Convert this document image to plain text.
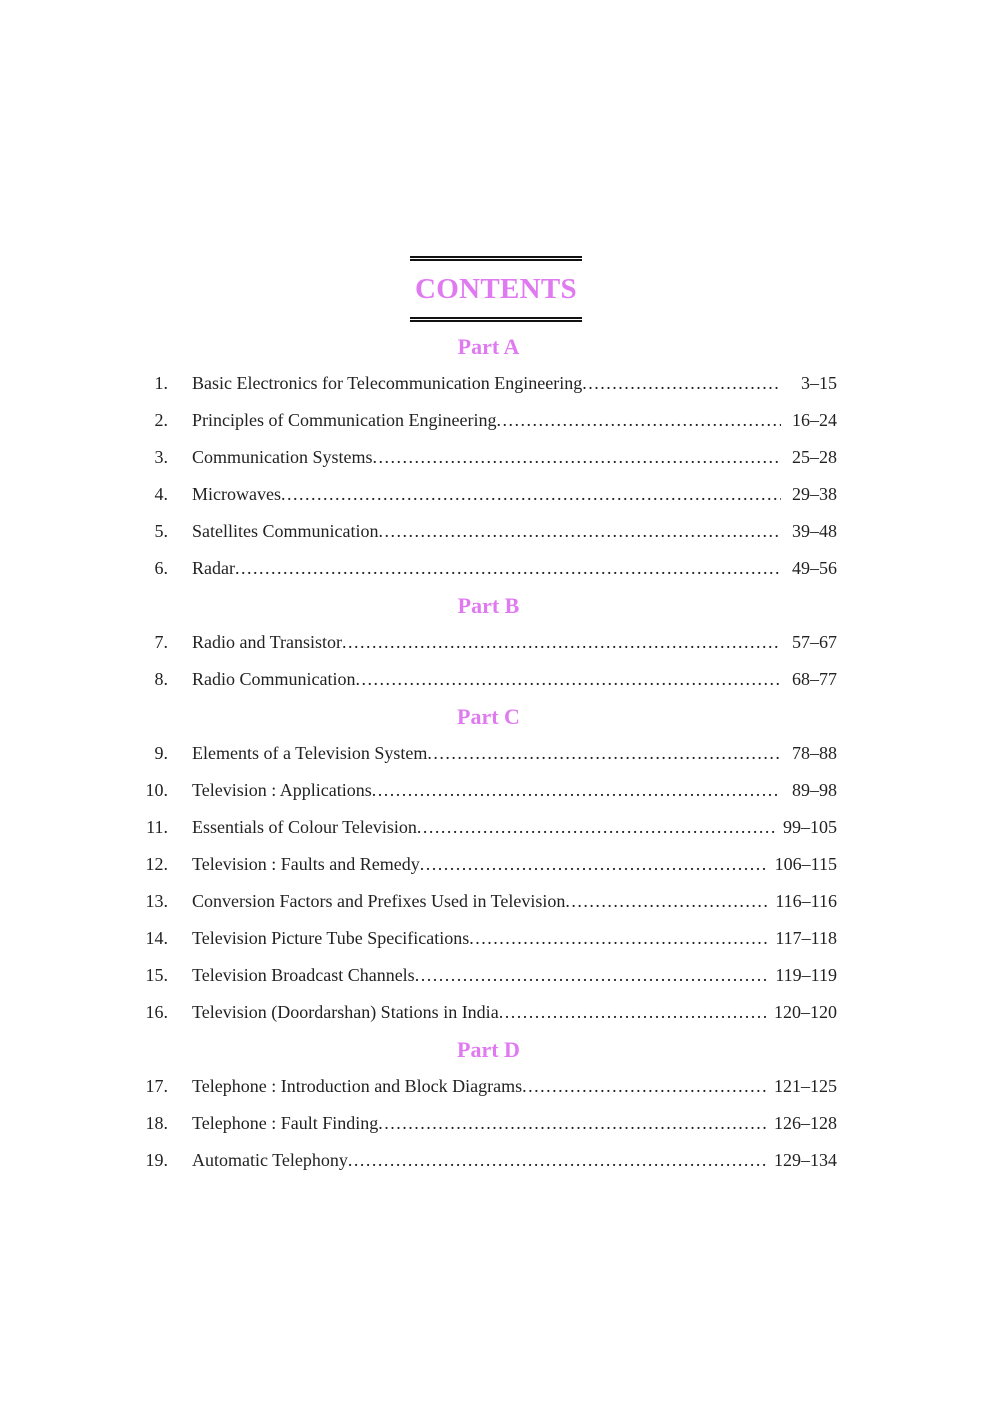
CONTENTS
Part A
1. Basic Electronics for Telecommunication Engineering .....	3–15
2. Principles of Communication Engineering .....	16–24
3. Communication Systems .....	25–28
4. Microwaves .....	29–38
5. Satellites Communication .....	39–48
6. Radar .....	49–56
Part B
7. Radio and Transistor .....	57–67
8. Radio Communication .....	68–77
Part C
9. Elements of a Television System .....	78–88
10. Television : Applications .....	89–98
11. Essentials of Colour Television .....	99–105
12. Television : Faults and Remedy .....	106–115
13. Conversion Factors and Prefixes Used in Television .....	116–116
14. Television Picture Tube Specifications .....	117–118
15. Television Broadcast Channels .....	119–119
16. Television (Doordarshan) Stations in India .....	120–120
Part D
17. Telephone : Introduction and Block Diagrams .....	121–125
18. Telephone : Fault Finding .....	126–128
19. Automatic Telephony .....	129–134
